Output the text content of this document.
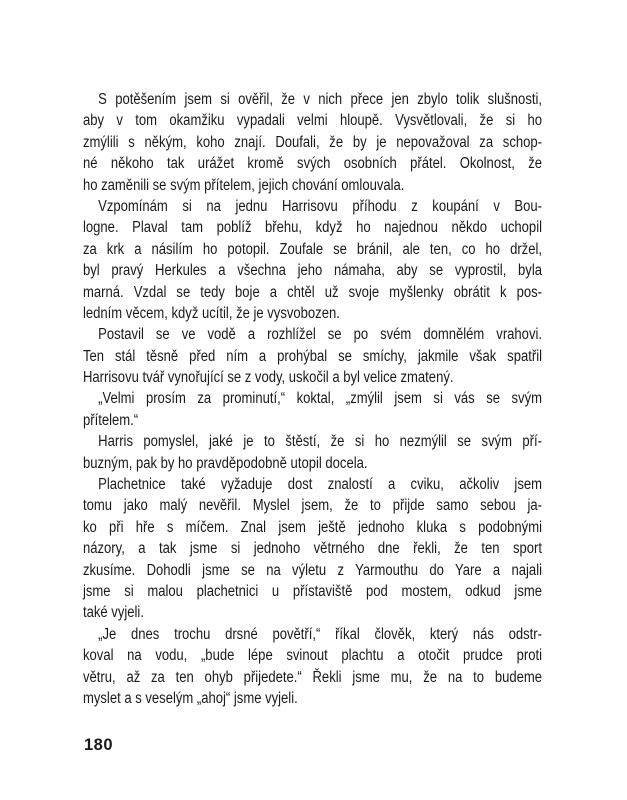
S potěšením jsem si ověřil, že v nich přece jen zbylo tolik slušnosti,
aby v tom okamžiku vypadali velmi hloupě. Vysvětlovali, že si ho
zmýlili s někým, koho znají. Doufali, že by je nepovažoval za schop-
né někoho tak urážet kromě svých osobních přátel. Okolnost, že
ho zaměnili se svým přítelem, jejich chování omlouvala.
Vzpomínám si na jednu Harrisovu příhodu z koupání v Bou-
logne. Plaval tam poblíž břehu, když ho najednou někdo uchopil
za krk a násilím ho potopil. Zoufale se bránil, ale ten, co ho držel,
byl pravý Herkules a všechna jeho námaha, aby se vyprostil, byla
marná. Vzdal se tedy boje a chtěl už svoje myšlenky obrátit k pos-
ledním věcem, když ucítil, že je vysvobozen.
Postavil se ve vodě a rozhlížel se po svém domnělém vrahovi.
Ten stál těsně před ním a prohýbal se smíchy, jakmile však spatřil
Harrisovu tvář vynořující se z vody, uskočil a byl velice zmatený.
„Velmi prosím za prominutí,“ koktal, „zmýlil jsem si vás se svým
přítelem.“
Harris pomyslel, jaké je to štěstí, že si ho nezmýlil se svým pří-
buzným, pak by ho pravděpodobně utopil docela.
Plachetnice také vyžaduje dost znalostí a cviku, ačkoliv jsem
tomu jako malý nevěřil. Myslel jsem, že to přijde samo sebou ja-
ko při hře s míčem. Znal jsem ještě jednoho kluka s podobnými
názory, a tak jsme si jednoho větrného dne řekli, že ten sport
zkusíme. Dohodli jsme se na výletu z Yarmouthu do Yare a najali
jsme si malou plachetnici u přístaviště pod mostem, odkud jsme
také vyjeli.
„Je dnes trochu drsné povětří,“ říkal člověk, který nás odstr-
koval na vodu, „bude lépe svinout plachtu a otočit prudce proti
větru, až za ten ohyb přijedete.“ Řekli jsme mu, že na to budeme
myslet a s veselým „ahoj“ jsme vyjeli.
180
